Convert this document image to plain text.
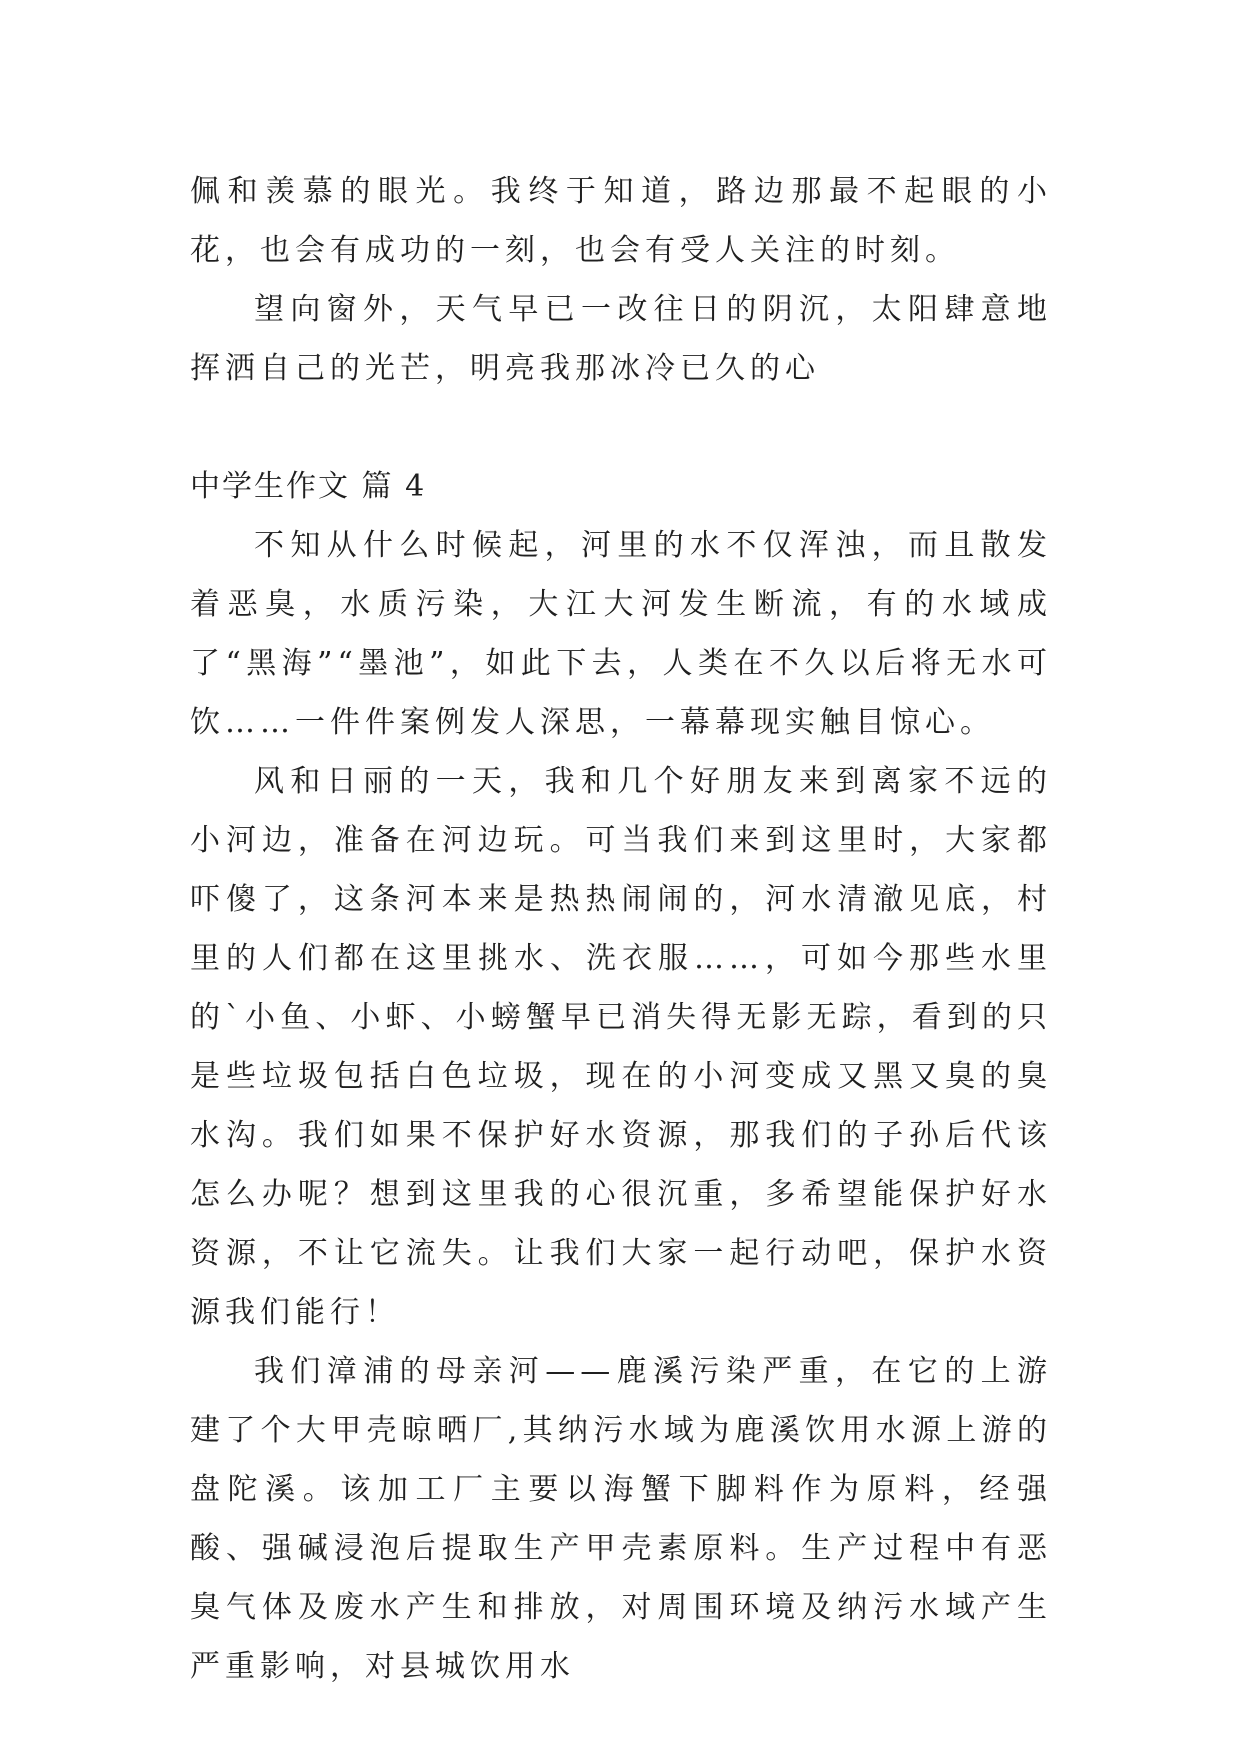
佩和羡慕的眼光。我终于知道，路边那最不起眼的小花，也会有成功的一刻，也会有受人关注的时刻。

望向窗外，天气早已一改往日的阴沉，太阳肆意地挥洒自己的光芒，明亮我那冰冷已久的心

中学生作文 篇 4

不知从什么时候起，河里的水不仅浑浊，而且散发着恶臭，水质污染，大江大河发生断流，有的水域成了“黑海”“墨池”，如此下去，人类在不久以后将无水可饮……一件件案例发人深思，一幕幕现实触目惊心。

风和日丽的一天，我和几个好朋友来到离家不远的小河边，准备在河边玩。可当我们来到这里时，大家都吓傻了，这条河本来是热热闹闹的，河水清澈见底，村里的人们都在这里挑水、洗衣服……，可如今那些水里的`小鱼、小虾、小螃蟹早已消失得无影无踪，看到的只是些垃圾包括白色垃圾，现在的小河变成又黑又臭的臭水沟。我们如果不保护好水资源，那我们的子孙后代该怎么办呢？想到这里我的心很沉重，多希望能保护好水资源，不让它流失。让我们大家一起行动吧，保护水资源我们能行！

我们漳浦的母亲河——鹿溪污染严重，在它的上游建了个大甲壳晾晒厂,其纳污水域为鹿溪饮用水源上游的盘陀溪。该加工厂主要以海蟹下脚料作为原料，经强酸、强碱浸泡后提取生产甲壳素原料。生产过程中有恶臭气体及废水产生和排放，对周围环境及纳污水域产生严重影响，对县城饮用水
